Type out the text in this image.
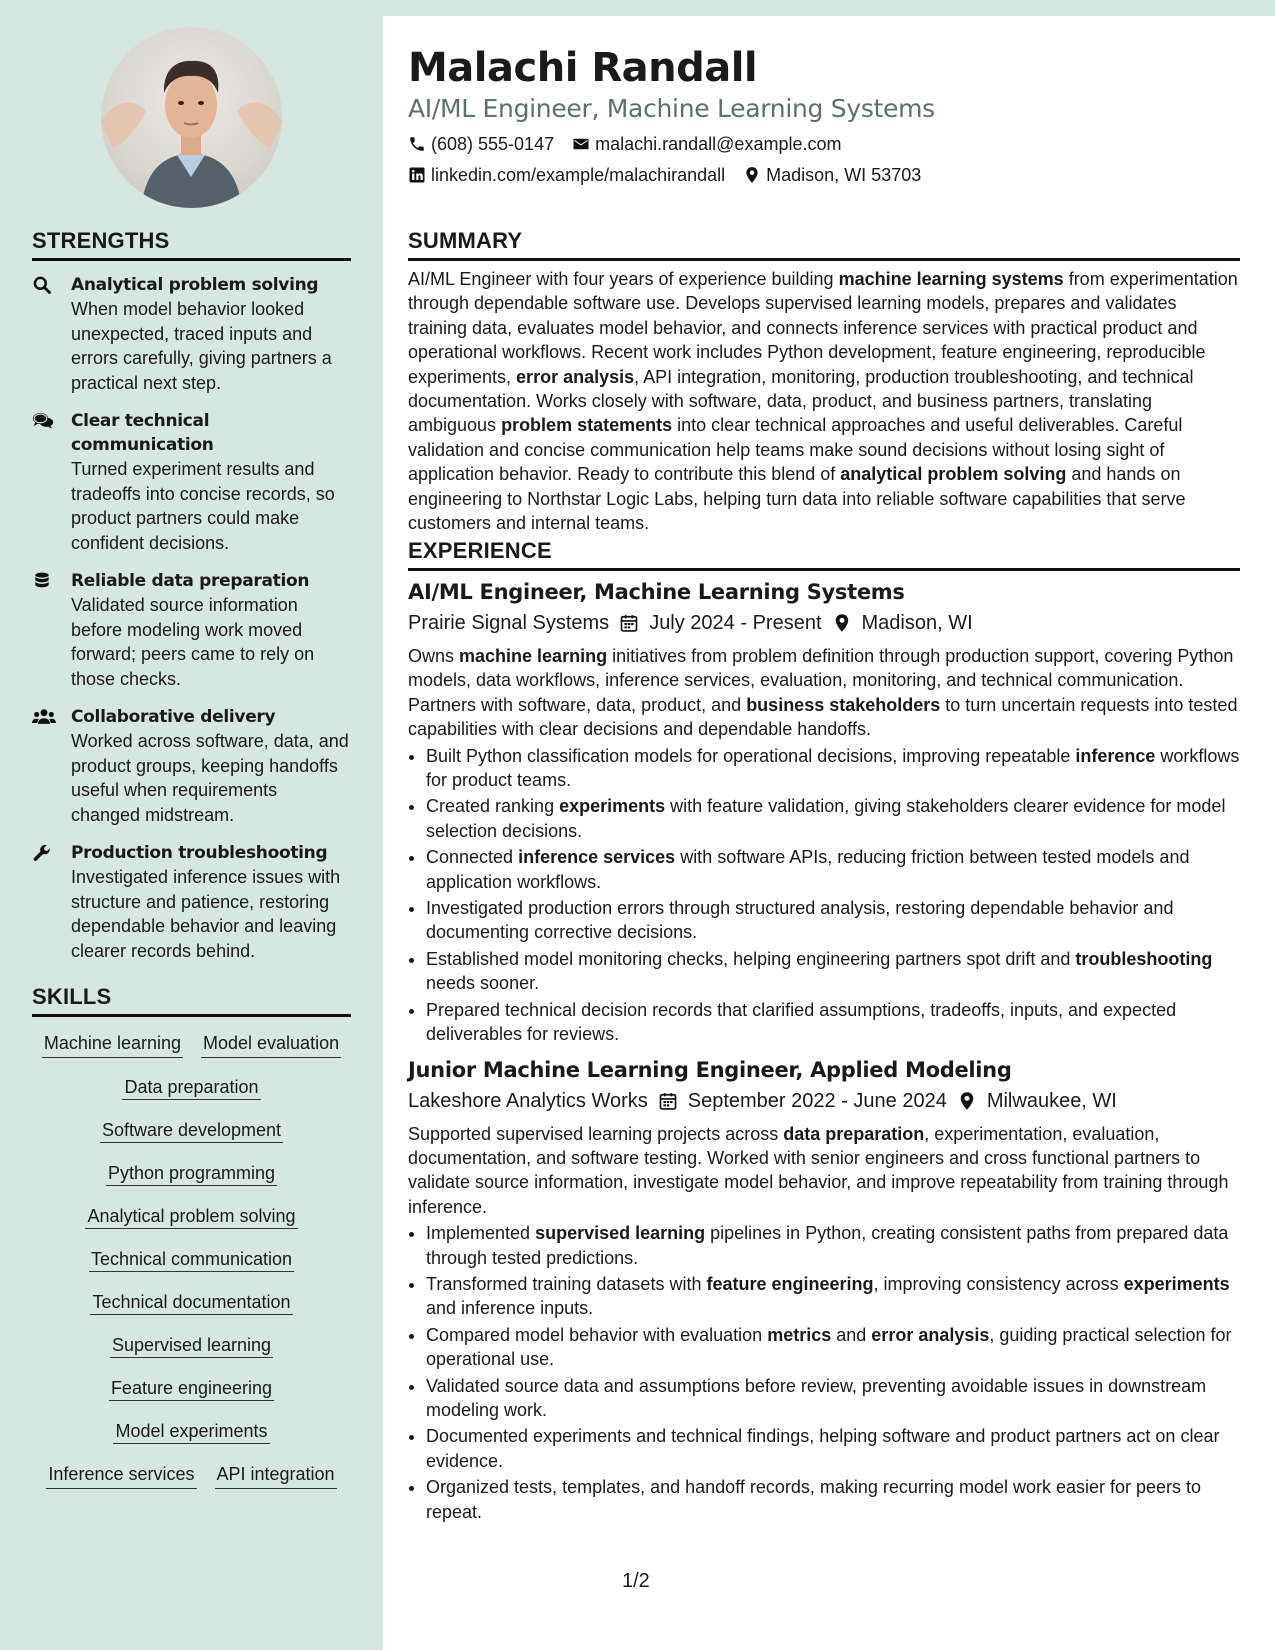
STRENGTHS
Analytical problem solving
When model behavior looked unexpected, traced inputs and errors carefully, giving partners a practical next step.
Clear technical communication
Turned experiment results and tradeoffs into concise records, so product partners could make confident decisions.
Reliable data preparation
Validated source information before modeling work moved forward; peers came to rely on those checks.
Collaborative delivery
Worked across software, data, and product groups, keeping handoffs useful when requirements changed midstream.
Production troubleshooting
Investigated inference issues with structure and patience, restoring dependable behavior and leaving clearer records behind.
SKILLS
Machine learning Model evaluation
Data preparation
Software development
Python programming
Analytical problem solving
Technical communication
Technical documentation
Supervised learning
Feature engineering
Model experiments
Inference services API integration
Malachi Randall
AI/ML Engineer, Machine Learning Systems
(608) 555-0147 malachi.randall@example.com
linkedin.com/example/malachirandall Madison, WI 53703
SUMMARY

AI/ML Engineer with four years of experience building machine learning systems from experimentation through dependable software use. Develops supervised learning models, prepares and validates training data, evaluates model behavior, and connects inference services with practical product and operational workflows. Recent work includes Python development, feature engineering, reproducible experiments, error analysis, API integration, monitoring, production troubleshooting, and technical documentation. Works closely with software, data, product, and business partners, translating ambiguous problem statements into clear technical approaches and useful deliverables. Careful validation and concise communication help teams make sound decisions without losing sight of application behavior. Ready to contribute this blend of analytical problem solving and hands on engineering to Northstar Logic Labs, helping turn data into reliable software capabilities that serve customers and internal teams.

EXPERIENCE
AI/ML Engineer, Machine Learning Systems
Prairie Signal Systems July 2024 - Present Madison, WI

Owns machine learning initiatives from problem definition through production support, covering Python models, data workflows, inference services, evaluation, monitoring, and technical communication. Partners with software, data, product, and business stakeholders to turn uncertain requests into tested capabilities with clear decisions and dependable handoffs.

• Built Python classification models for operational decisions, improving repeatable inference workflows for product teams.
• Created ranking experiments with feature validation, giving stakeholders clearer evidence for model selection decisions.
• Connected inference services with software APIs, reducing friction between tested models and application workflows.
• Investigated production errors through structured analysis, restoring dependable behavior and documenting corrective decisions.
• Established model monitoring checks, helping engineering partners spot drift and troubleshooting needs sooner.
• Prepared technical decision records that clarified assumptions, tradeoffs, inputs, and expected deliverables for reviews.
Junior Machine Learning Engineer, Applied Modeling
Lakeshore Analytics Works September 2022 - June 2024 Milwaukee, WI

Supported supervised learning projects across data preparation, experimentation, evaluation, documentation, and software testing. Worked with senior engineers and cross functional partners to validate source information, investigate model behavior, and improve repeatability from training through inference.

• Implemented supervised learning pipelines in Python, creating consistent paths from prepared data through tested predictions.
• Transformed training datasets with feature engineering, improving consistency across experiments and inference inputs.
• Compared model behavior with evaluation metrics and error analysis, guiding practical selection for operational use.
• Validated source data and assumptions before review, preventing avoidable issues in downstream modeling work.
• Documented experiments and technical findings, helping software and product partners act on clear evidence.
• Organized tests, templates, and handoff records, making recurring model work easier for peers to repeat.
1/2
